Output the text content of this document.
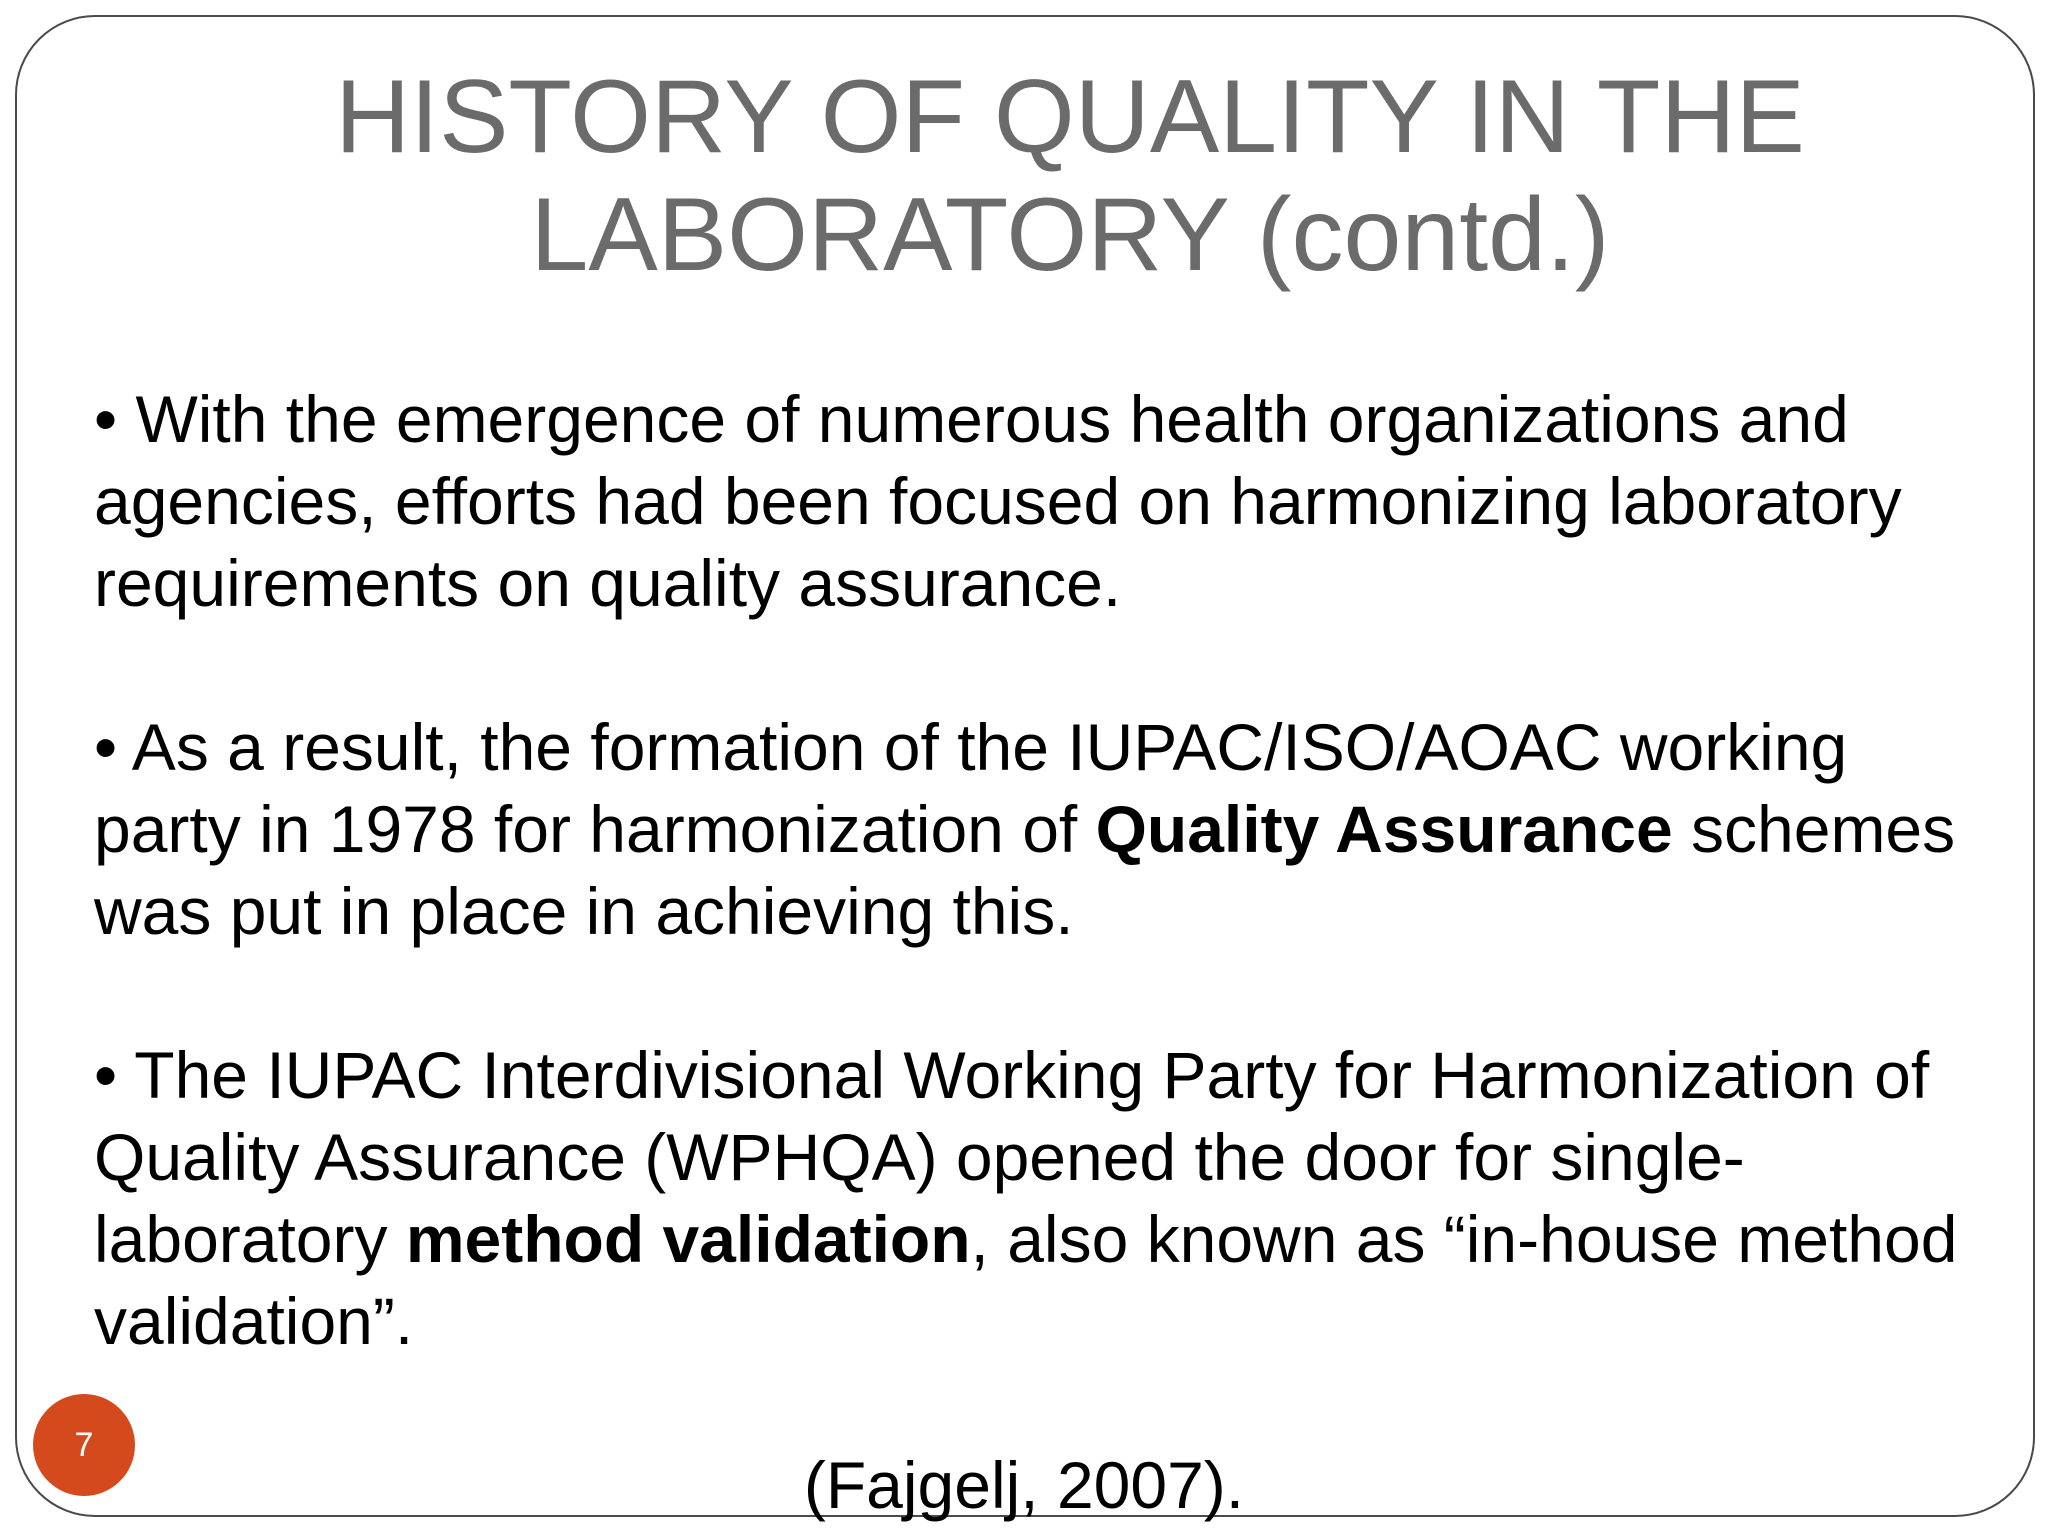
HISTORY OF QUALITY IN THE
LABORATORY (contd.)

• With the emergence of numerous health organizations and agencies, efforts had been focused on harmonizing laboratory requirements on quality assurance.

• As a result, the formation of the IUPAC/ISO/AOAC working party in 1978 for harmonization of Quality Assurance schemes was put in place in achieving this.

• The IUPAC Interdivisional Working Party for Harmonization of Quality Assurance (WPHQA) opened the door for single-laboratory method validation, also known as “in-house method validation”.

(Fajgelj, 2007).
7
